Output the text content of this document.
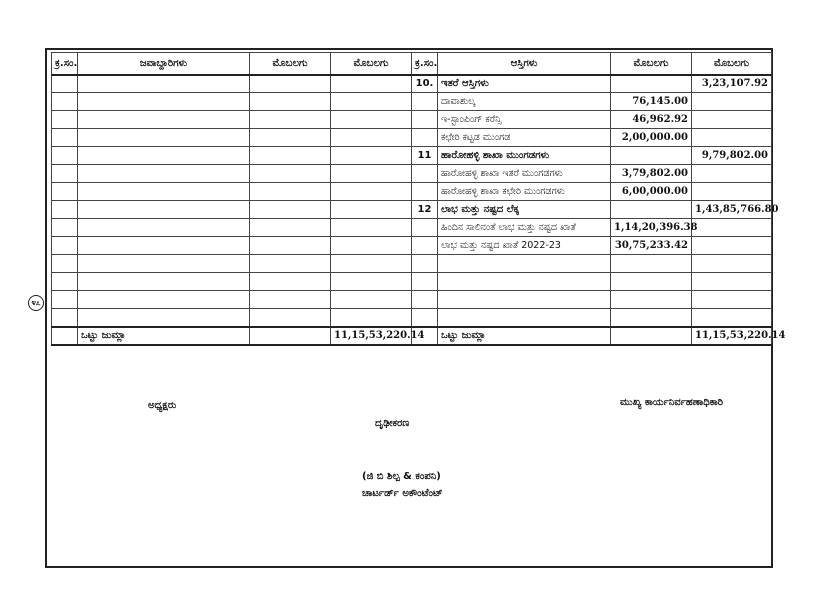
೪೭
ಕ್ರ.ಸಂ.	ಜವಾಬ್ದಾರಿಗಳು	ಮೊಬಲಗು	ಮೊಬಲಗು	ಕ್ರ.ಸಂ.	ಆಸ್ತಿಗಳು	ಮೊಬಲಗು	ಮೊಬಲಗು
				10.	ಇತರೆ ಆಸ್ತಿಗಳು		3,23,107.92
					ದಾವಾಶುಲ್ಕ	76,145.00	
					ಇ-ಸ್ಟಾಂಪಿಂಗ್ ಕರೆನ್ಸಿ	46,962.92	
					ಕಛೇರಿ ಕಟ್ಟಡ ಮುಂಗಡ	2,00,000.00	
				11	ಹಾರೋಹಳ್ಳಿ ಶಾಖಾ ಮುಂಗಡಗಳು		9,79,802.00
					ಹಾರೋಹಳ್ಳಿ ಶಾಖಾ ಇತರೆ ಮುಂಗಡಗಳು	3,79,802.00	
					ಹಾರೋಹಳ್ಳಿ ಶಾಖಾ ಕಛೇರಿ ಮುಂಗಡಗಳು	6,00,000.00	
				12	ಲಾಭ ಮತ್ತು ನಷ್ಟದ ಲೆಕ್ಕ		1,43,85,766.80
					ಹಿಂದಿನ ಸಾಲಿನಂತೆ ಲಾಭ ಮತ್ತು ನಷ್ಟದ ಖಾತೆ	1,14,20,396.38	
					ಲಾಭ ಮತ್ತು ನಷ್ಟದ ಖಾತೆ 2022-23	30,75,233.42	

	ಒಟ್ಟು ಜುಮ್ಲಾ		11,15,53,220.14		ಒಟ್ಟು ಜುಮ್ಲಾ		11,15,53,220.14
ಅಧ್ಯಕ್ಷರು	ಮುಖ್ಯ ಕಾರ್ಯನಿರ್ವಹಣಾಧಿಕಾರಿ
ದೃಢೀಕರಣ
(ಜಿ ಬಿ ಶಿಲ್ಪ & ಕಂಪನಿ)
ಚಾರ್ಟರ್ಡ್ ಅಕೌಂಟೆಂಟ್
